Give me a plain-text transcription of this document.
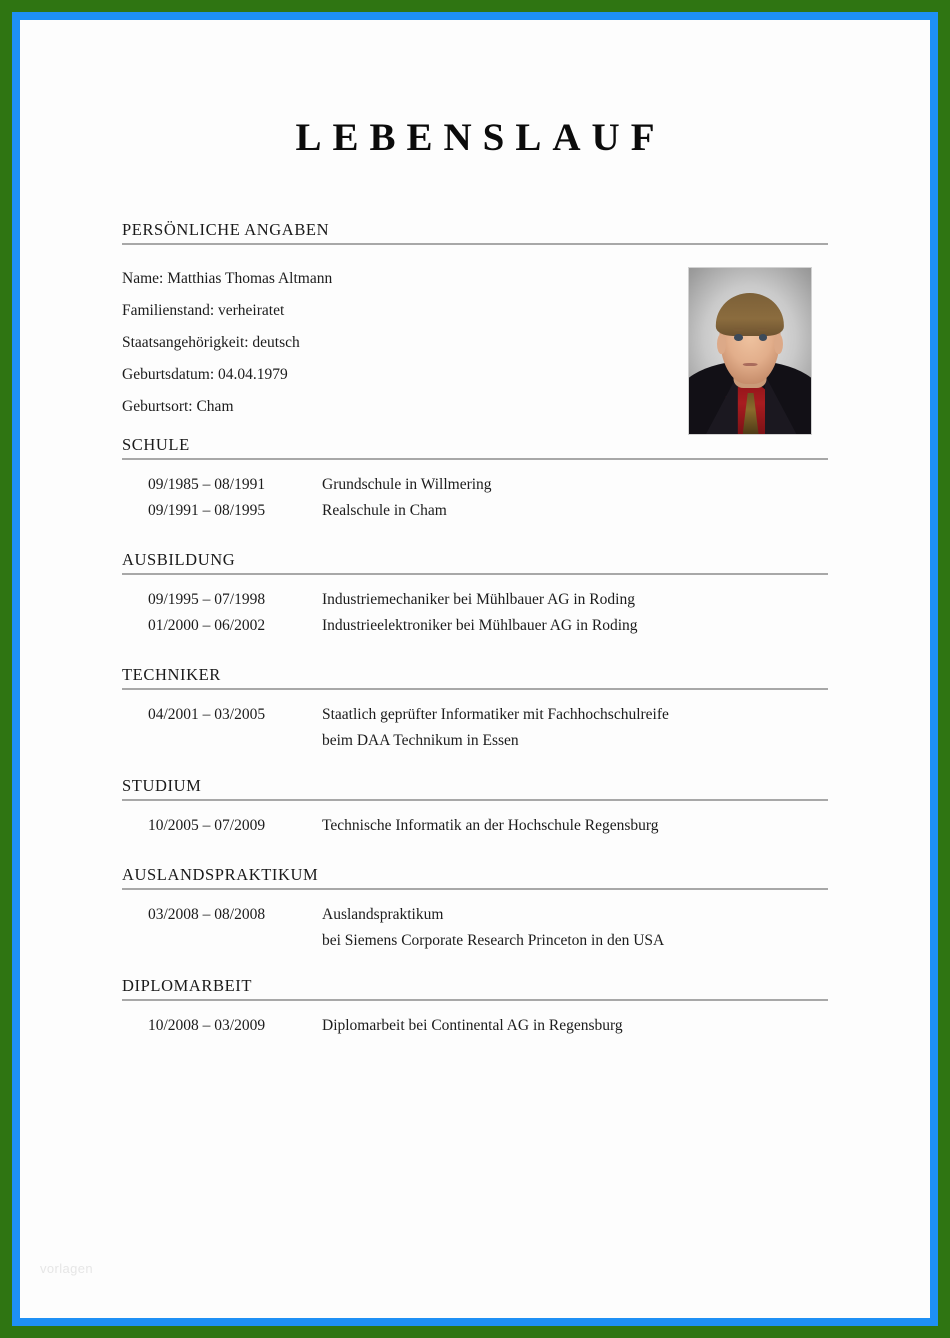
LEBENSLAUF
PERSÖNLICHE ANGABEN
Name: Matthias Thomas Altmann
Familienstand: verheiratet
Staatsangehörigkeit: deutsch
Geburtsdatum: 04.04.1979
Geburtsort: Cham
SCHULE
09/1985 – 08/1991	Grundschule in Willmering
09/1991 – 08/1995	Realschule in Cham
AUSBILDUNG
09/1995 – 07/1998	Industriemechaniker bei Mühlbauer AG in Roding
01/2000 – 06/2002	Industrieelektroniker bei Mühlbauer AG in Roding
TECHNIKER
04/2001 – 03/2005	Staatlich geprüfter Informatiker mit Fachhochschulreife
beim DAA Technikum in Essen
STUDIUM
10/2005 – 07/2009	Technische Informatik an der Hochschule Regensburg
AUSLANDSPRAKTIKUM
03/2008 – 08/2008	Auslandspraktikum
bei Siemens Corporate Research Princeton in den USA
DIPLOMARBEIT
10/2008 – 03/2009	Diplomarbeit bei Continental AG in Regensburg
vorlagen
